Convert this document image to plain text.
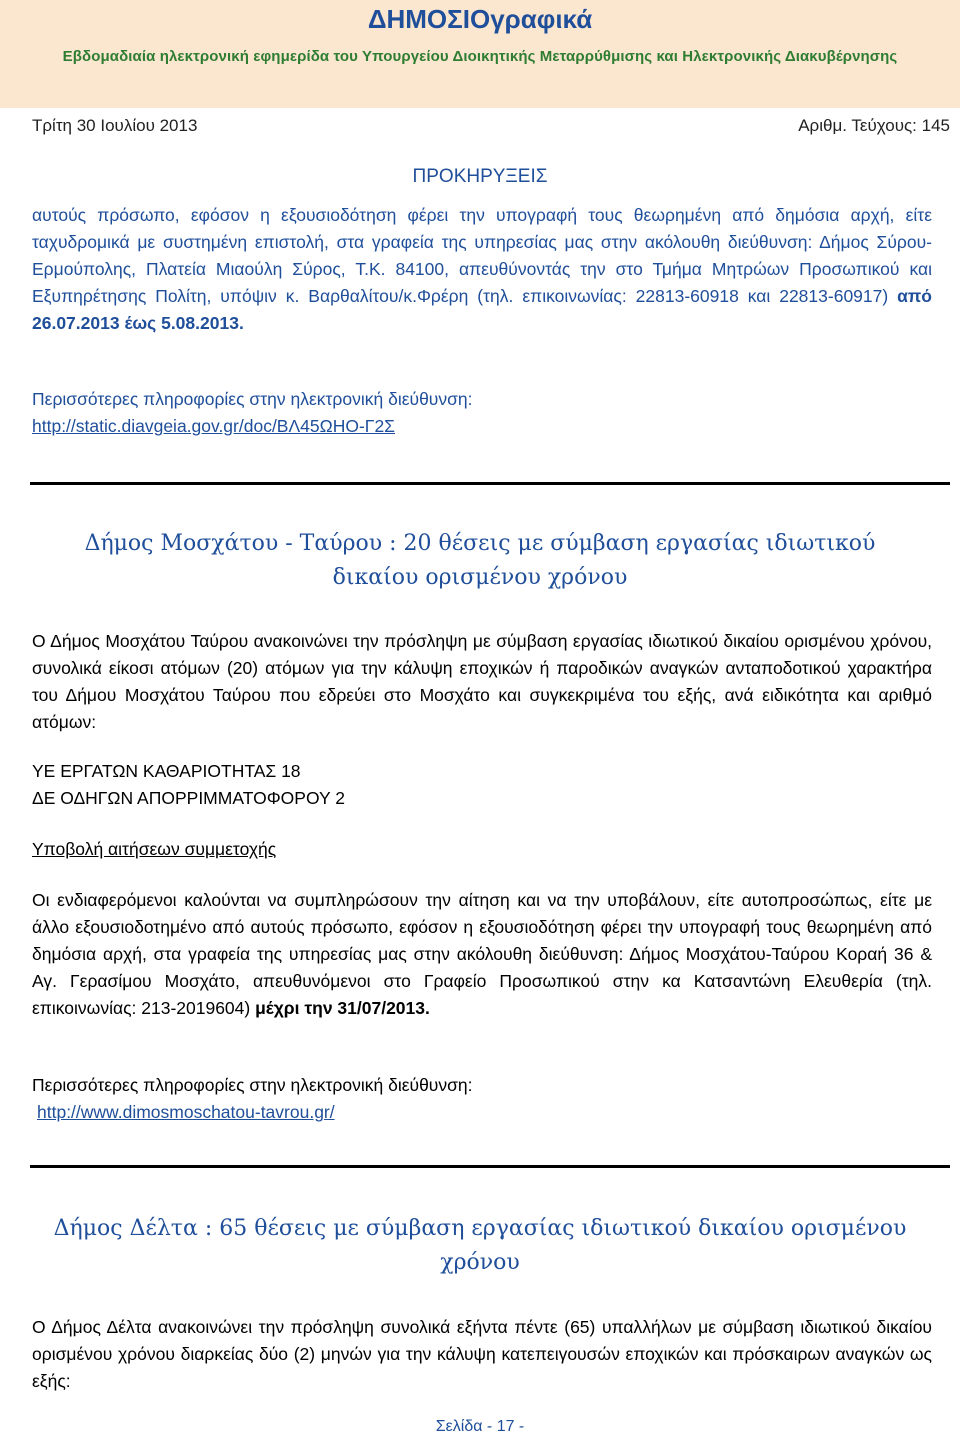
ΔΗΜΟΣΙΟγραφικά
Εβδομαδιαία ηλεκτρονική εφημερίδα του Υπουργείου Διοικητικής Μεταρρύθμισης και Ηλεκτρονικής Διακυβέρνησης
Τρίτη 30 Ιουλίου 2013	Αριθμ. Τεύχους: 145
ΠΡΟΚΗΡΥΞΕΙΣ
αυτούς πρόσωπο, εφόσον η εξουσιοδότηση φέρει την υπογραφή τους θεωρημένη από δημόσια αρχή, είτε ταχυδρομικά με συστημένη επιστολή, στα γραφεία της υπηρεσίας μας στην ακόλουθη διεύθυνση: Δήμος Σύρου-Ερμούπολης, Πλατεία Μιαούλη Σύρος, Τ.Κ. 84100, απευθύνοντάς την στο Τμήμα Μητρώων Προσωπικού και Εξυπηρέτησης Πολίτη, υπόψιν κ. Βαρθαλίτου/κ.Φρέρη (τηλ. επικοινωνίας: 22813-60918 και 22813-60917) από 26.07.2013 έως 5.08.2013.
Περισσότερες πληροφορίες στην ηλεκτρονική διεύθυνση:
http://static.diavgeia.gov.gr/doc/ΒΛ45ΩΗΟ-Γ2Σ
Δήμος Μοσχάτου - Ταύρου : 20 θέσεις με σύμβαση εργασίας ιδιωτικού δικαίου ορισμένου χρόνου
Ο Δήμος Μοσχάτου Ταύρου ανακοινώνει την πρόσληψη με σύμβαση εργασίας ιδιωτικού δικαίου ορισμένου χρόνου, συνολικά είκοσι ατόμων (20) ατόμων για την κάλυψη εποχικών ή παροδικών αναγκών ανταποδοτικού χαρακτήρα του Δήμου Μοσχάτου Ταύρου που εδρεύει στο Μοσχάτο και συγκεκριμένα του εξής, ανά ειδικότητα και αριθμό ατόμων:
ΥΕ ΕΡΓΑΤΩΝ ΚΑΘΑΡΙΟΤΗΤΑΣ 18
ΔΕ ΟΔΗΓΩΝ ΑΠΟΡΡΙΜΜΑΤΟΦΟΡΟΥ 2
Υποβολή αιτήσεων συμμετοχής
Οι ενδιαφερόμενοι καλούνται να συμπληρώσουν την αίτηση και να την υποβάλουν, είτε αυτοπροσώπως, είτε με άλλο εξουσιοδοτημένο από αυτούς πρόσωπο, εφόσον η εξουσιοδότηση φέρει την υπογραφή τους θεωρημένη από δημόσια αρχή, στα γραφεία της υπηρεσίας μας στην ακόλουθη διεύθυνση: Δήμος Μοσχάτου-Ταύρου Κοραή 36 & Αγ. Γερασίμου Μοσχάτο, απευθυνόμενοι στο Γραφείο Προσωπικού στην κα Κατσαντώνη Ελευθερία (τηλ. επικοινωνίας: 213-2019604) μέχρι την 31/07/2013.
Περισσότερες πληροφορίες στην ηλεκτρονική διεύθυνση:
http://www.dimosmoschatou-tavrou.gr/
Δήμος Δέλτα : 65 θέσεις με σύμβαση εργασίας ιδιωτικού δικαίου ορισμένου χρόνου
Ο Δήμος Δέλτα ανακοινώνει την πρόσληψη συνολικά εξήντα πέντε (65) υπαλλήλων με σύμβαση ιδιωτικού δικαίου ορισμένου χρόνου διαρκείας δύο (2) μηνών για την κάλυψη κατεπειγουσών εποχικών και πρόσκαιρων αναγκών ως εξής:
Σελίδα - 17 -
